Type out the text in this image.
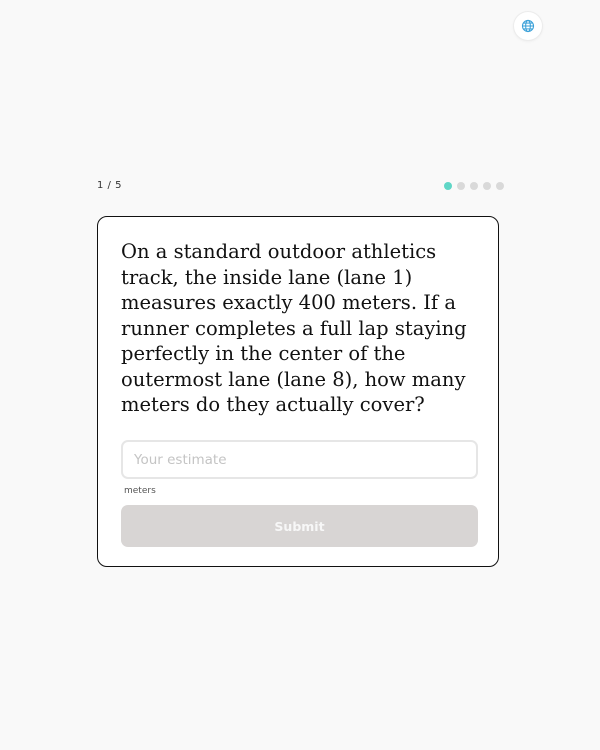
1 / 5

On a standard outdoor athletics track, the inside lane (lane 1) measures exactly 400 meters. If a runner completes a full lap staying perfectly in the center of the outermost lane (lane 8), how many meters do they actually cover?

Your estimate
meters
Submit
